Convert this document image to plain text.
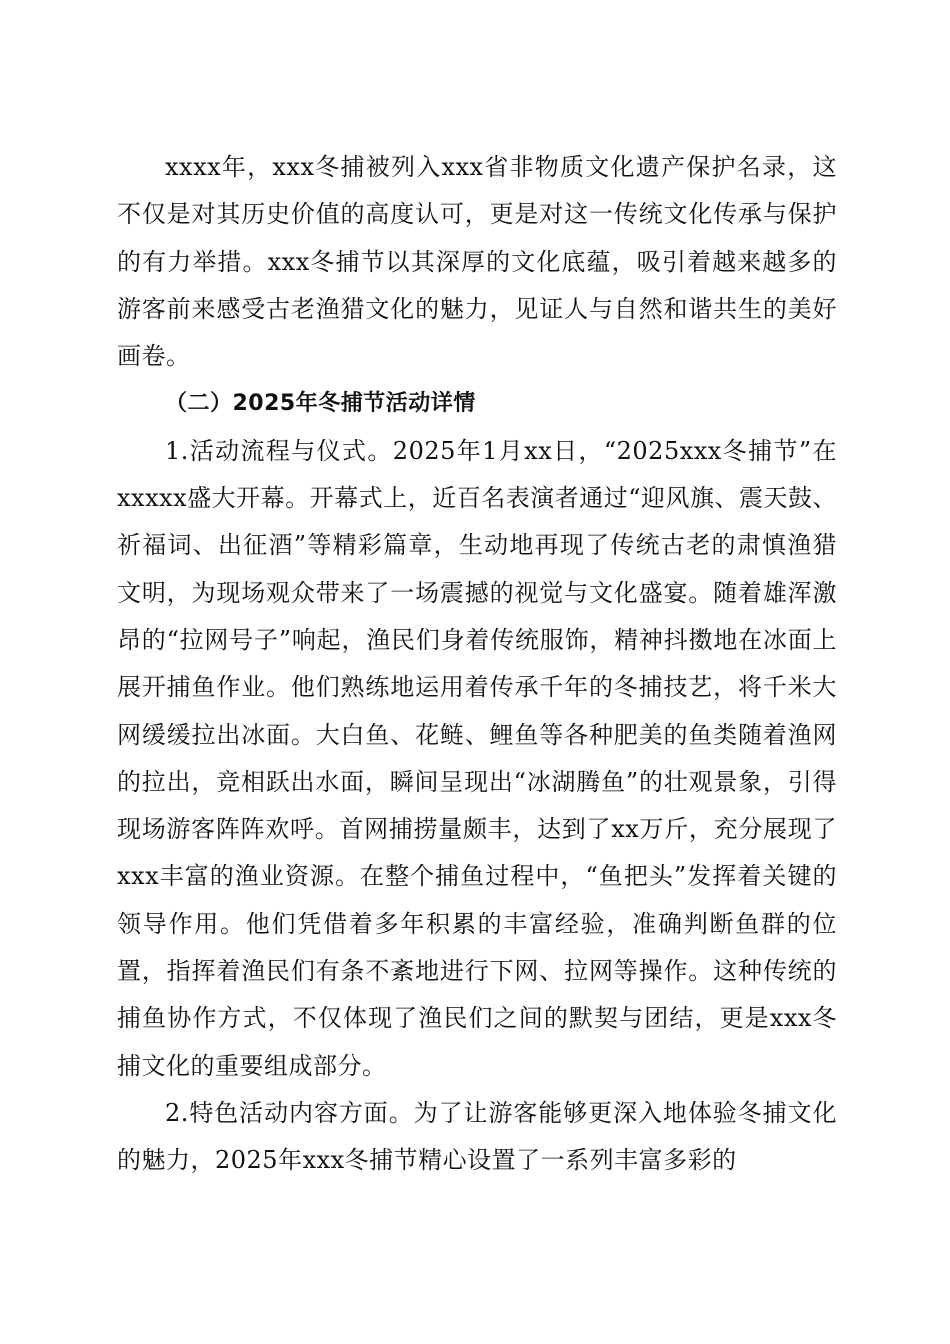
xxxx年，xxx冬捕被列入xxx省非物质文化遗产保护名录，这不仅是对其历史价值的高度认可，更是对这一传统文化传承与保护的有力举措。xxx冬捕节以其深厚的文化底蕴，吸引着越来越多的游客前来感受古老渔猎文化的魅力，见证人与自然和谐共生的美好画卷。

（二）2025年冬捕节活动详情

1.活动流程与仪式。2025年1月xx日，“2025xxx冬捕节”在xxxxx盛大开幕。开幕式上，近百名表演者通过“迎风旗、震天鼓、祈福词、出征酒”等精彩篇章，生动地再现了传统古老的肃慎渔猎文明，为现场观众带来了一场震撼的视觉与文化盛宴。随着雄浑激昂的“拉网号子”响起，渔民们身着传统服饰，精神抖擞地在冰面上展开捕鱼作业。他们熟练地运用着传承千年的冬捕技艺，将千米大网缓缓拉出冰面。大白鱼、花鲢、鲤鱼等各种肥美的鱼类随着渔网的拉出，竞相跃出水面，瞬间呈现出“冰湖腾鱼”的壮观景象，引得现场游客阵阵欢呼。首网捕捞量颇丰，达到了xx万斤，充分展现了xxx丰富的渔业资源。在整个捕鱼过程中，“鱼把头”发挥着关键的领导作用。他们凭借着多年积累的丰富经验，准确判断鱼群的位置，指挥着渔民们有条不紊地进行下网、拉网等操作。这种传统的捕鱼协作方式，不仅体现了渔民们之间的默契与团结，更是xxx冬捕文化的重要组成部分。

2.特色活动内容方面。为了让游客能够更深入地体验冬捕文化的魅力，2025年xxx冬捕节精心设置了一系列丰富多彩的
